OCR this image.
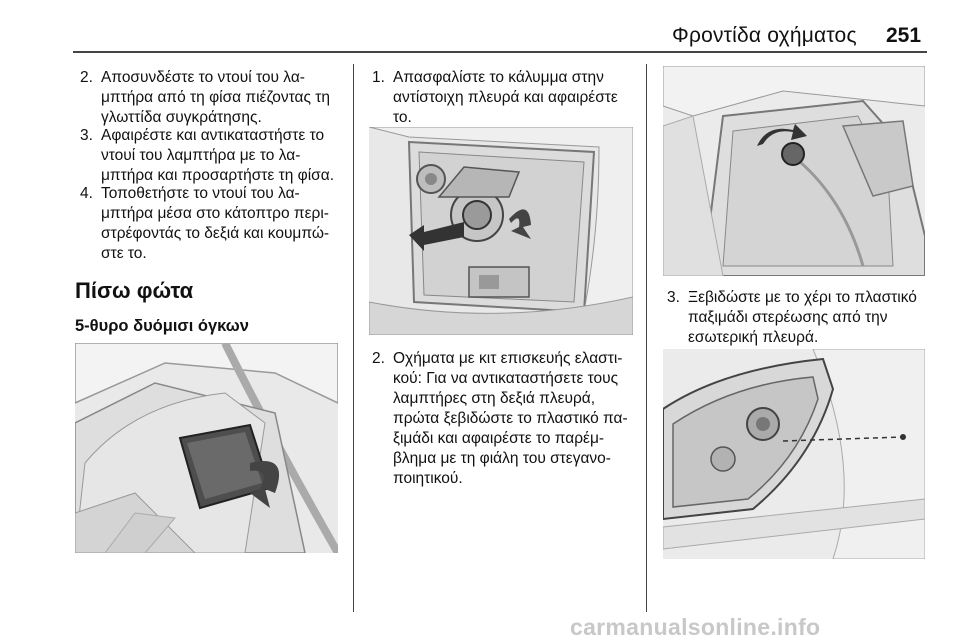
Φροντίδα οχήματος 251
2. Αποσυνδέστε το ντουί του λα-
μπτήρα από τη φίσα πιέζοντας τη
γλωττίδα συγκράτησης.
3. Αφαιρέστε και αντικαταστήστε το
ντουί του λαμπτήρα με το λα-
μπτήρα και προσαρτήστε τη φίσα.
4. Τοποθετήστε το ντουί του λα-
μπτήρα μέσα στο κάτοπτρο περι-
στρέφοντάς το δεξιά και κουμπώ-
στε το.
Πίσω φώτα
5-θυρο δυόμισι όγκων
1. Απασφαλίστε το κάλυμμα στην
αντίστοιχη πλευρά και αφαιρέστε
το.
2. Οχήματα με κιτ επισκευής ελαστι-
κού: Για να αντικαταστήσετε τους
λαμπτήρες στη δεξιά πλευρά,
πρώτα ξεβιδώστε το πλαστικό πα-
ξιμάδι και αφαιρέστε το παρέμ-
βλημα με τη φιάλη του στεγανο-
ποιητικού.
3. Ξεβιδώστε με το χέρι το πλαστικό
παξιμάδι στερέωσης από την
εσωτερική πλευρά.
carmanualsonline.info
